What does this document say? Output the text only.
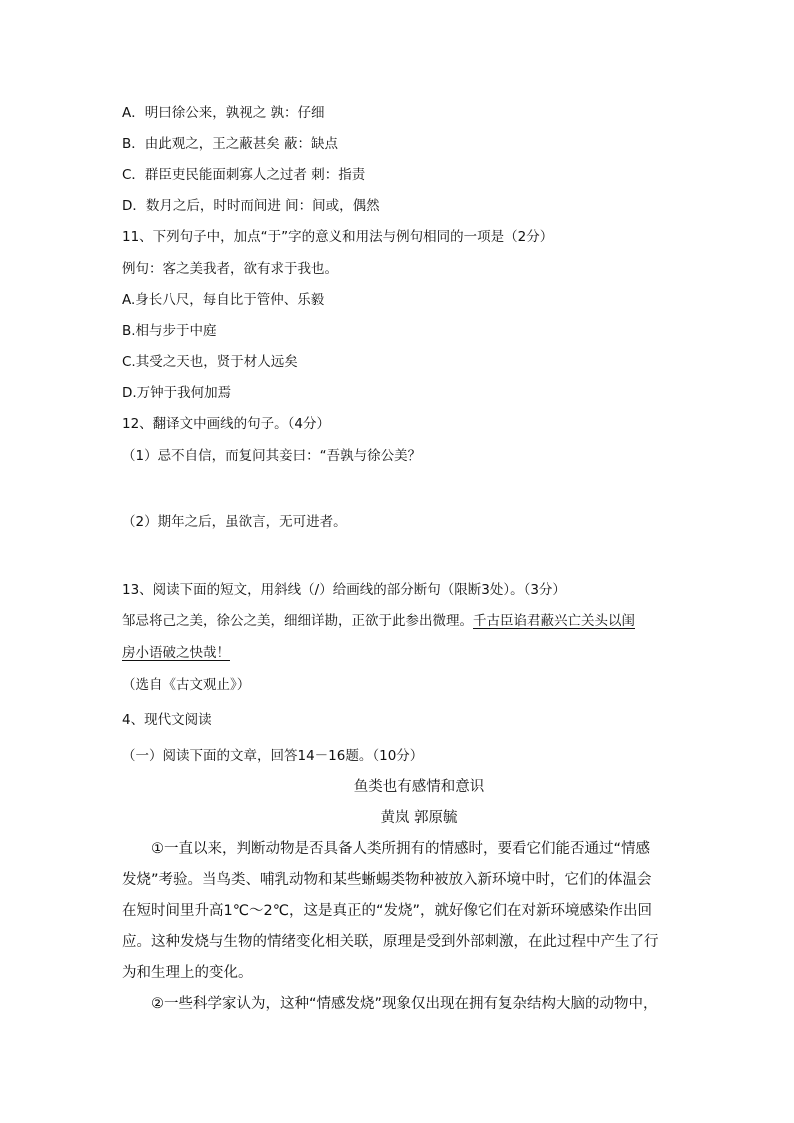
A．明曰徐公来，孰视之 孰：仔细
B．由此观之，王之蔽甚矣 蔽：缺点
C．群臣吏民能面刺寡人之过者 刺：指责
D．数月之后，时时而间进 间：间或，偶然
11、下列句子中，加点“于”字的意义和用法与例句相同的一项是（2分）
例句：客之美我者，欲有求于我也。
A.身长八尺，每自比于管仲、乐毅
B.相与步于中庭
C.其受之天也，贤于材人远矣
D.万钟于我何加焉
12、翻译文中画线的句子。（4分）
（1）忌不自信，而复问其妾曰：“吾孰与徐公美？
（2）期年之后，虽欲言，无可进者。
13、阅读下面的短文，用斜线（/）给画线的部分断句（限断3处）。（3分）
邹忌将己之美，徐公之美，细细详勘，正欲于此参出微理。千古臣谄君蔽兴亡关头以闺
房小语破之快哉！
（选自《古文观止》）
4、现代文阅读
（一）阅读下面的文章，回答14－16题。（10分）
鱼类也有感情和意识
黄岚 郭原毓
①一直以来，判断动物是否具备人类所拥有的情感时，要看它们能否通过“情感发烧”考验。当鸟类、哺乳动物和某些蜥蜴类物种被放入新环境中时，它们的体温会在短时间里升高1℃～2℃，这是真正的“发烧”，就好像它们在对新环境感染作出回应。这种发烧与生物的情绪变化相关联，原理是受到外部刺激，在此过程中产生了行为和生理上的变化。
②一些科学家认为，这种“情感发烧”现象仅出现在拥有复杂结构大脑的动物中，
